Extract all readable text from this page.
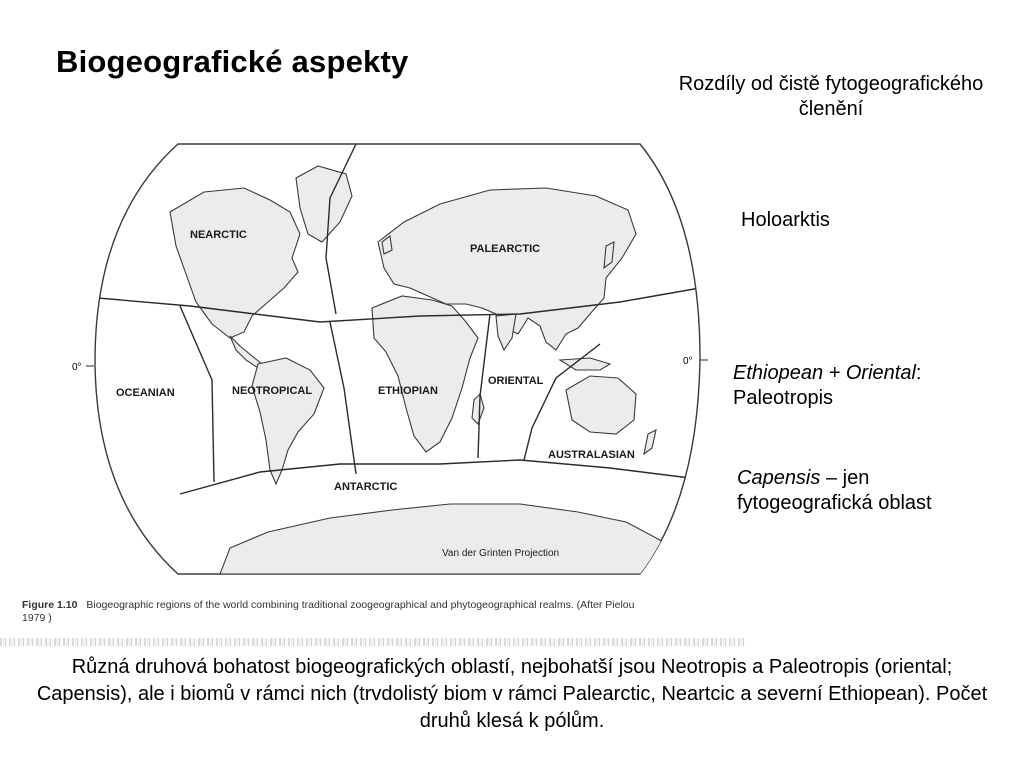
Biogeografické aspekty
Rozdíly od čistě fytogeografického členění
Holoarktis
Ethiopean + Oriental:
Paleotropis
Capensis – jen
fytogeografická oblast
0°
0°
NEARCTIC
PALEARCTIC
OCEANIAN	NEOTROPICAL	ETHIOPIAN
ORIENTAL
AUSTRALASIAN
ANTARCTIC
Van der Grinten Projection
Figure 1.10 Biogeographic regions of the world combining traditional zoogeographical and phytogeographical realms. (After Pielou
1979 )
Různá druhová bohatost biogeografických oblastí, nejbohatší jsou Neotropis a Paleotropis (oriental; Capensis), ale i biomů v rámci nich (trvdolistý biom v rámci Palearctic, Neartcic a severní Ethiopean). Počet druhů klesá k pólům.
